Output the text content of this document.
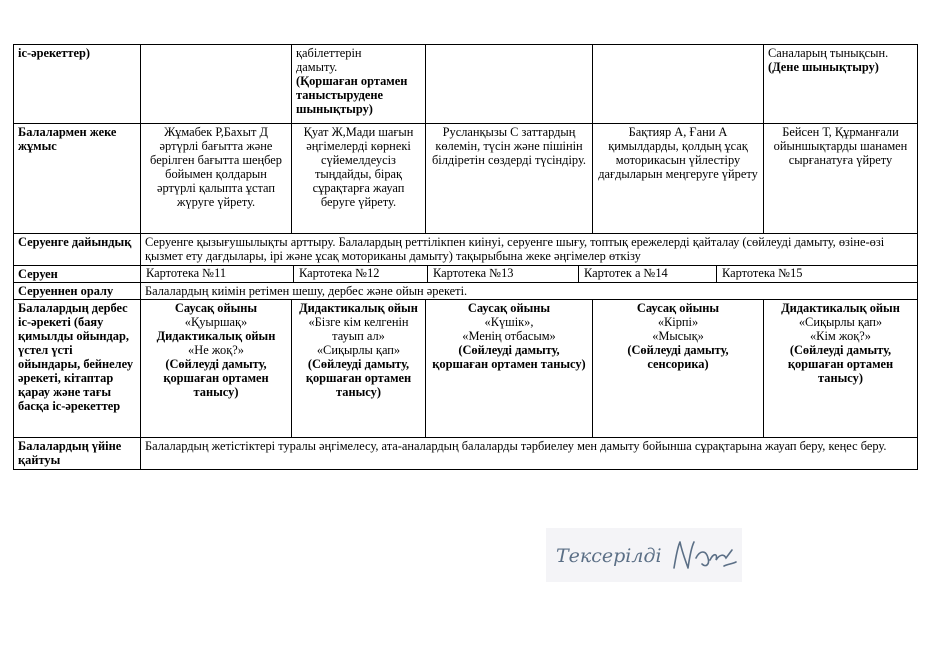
іс-әрекеттер)		қабілеттерін
дамыту.
(Қоршаған ортамен таныстырудене шынықтыру)			Саналарың тынықсын.
(Дене шынықтыру)

Балалармен жеке жұмыс	Жұмабек Р,Бахыт Д әртүрлі бағытта және берілген бағытта шеңбер бойымен қолдарын әртүрлі қалыпта ұстап жүруге үйрету.	Қуат Ж,Мади шағын әңгімелерді көрнекі сүйемелдеусіз тыңдайды, бірақ сұрақтарға жауап беруге үйрету.	Русланқызы С заттардың көлемін, түсін және пішінін білдіретін сөздерді түсіндіру.	Бақтияр А, Ғани А қимылдарды, қолдың ұсақ моторикасын үйлестіру дағдыларын меңгеруге үйрету	Бейсен Т, Құрманғали ойыншықтарды шанамен сырғанатуға үйрету
Серуенге дайындық	Серуенге қызығушылықты арттыру. Балалардың реттілікпен киінуі, серуенге шығу, топтық ережелерді қайталау (сөйлеуді дамыту, өзіне-өзі қызмет ету дағдылары, ірі және ұсақ моториканы дамыту) тақырыбына жеке әңгімелер өткізу				
Серуен	Картотека №11 Картотека №12 Картотека №13 Картотек а №14 Картотека №15				

Серуеннен оралу	Балалардың киімін ретімен шешу, дербес және ойын әрекеті.				
Балалардың дербес іс-әрекеті (баяу қимылды ойындар, үстел үсті ойындары, бейнелеу әрекеті, кітаптар қарау және тағы басқа іс-әрекеттер	Саусақ ойыны
«Қуыршақ»
Дидактикалық ойын
«Не жоқ?»
(Сөйлеуді дамыту, қоршаған ортамен танысу)	Дидактикалық ойын «Бізге кім келгенін тауып ал»
«Сиқырлы қап»
(Сөйлеуді дамыту, қоршаған ортамен танысу)	Саусақ ойыны
«Күшік»,
«Менің отбасым»
(Сөйлеуді дамыту, қоршаған ортамен танысу)	Саусақ ойыны
«Кірпі»
«Мысық»
(Сөйлеуді дамыту, сенсорика)	Дидактикалық ойын
«Сиқырлы қап»
«Кім жоқ?»
(Сөйлеуді дамыту, қоршаған ортамен танысу)

Балалардың үйіне қайтуы	Балалардың жетістіктері туралы әңгімелесу, ата-аналардың балаларды тәрбиелеу мен дамыту бойынша сұрақтарына жауап беру, кеңес беру.				
Тексерілді
